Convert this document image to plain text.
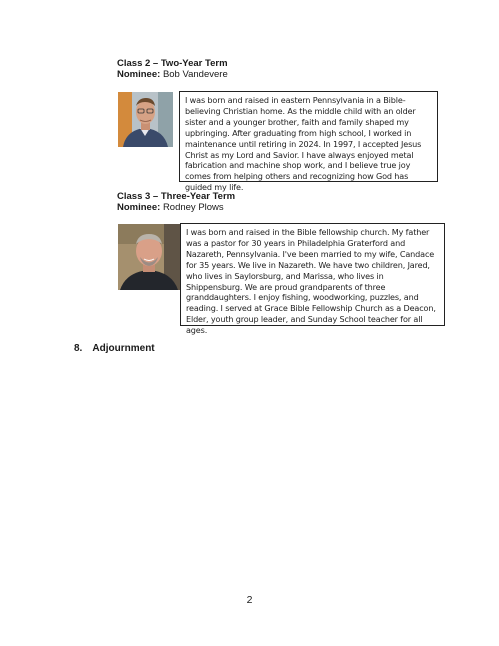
Class 2 – Two-Year Term
Nominee: Bob Vandevere
I was born and raised in eastern Pennsylvania in a Bible-believing Christian home. As the middle child with an older sister and a younger brother, faith and family shaped my upbringing. After graduating from high school, I worked in maintenance until retiring in 2024. In 1997, I accepted Jesus Christ as my Lord and Savior. I have always enjoyed metal fabrication and machine shop work, and I believe true joy comes from helping others and recognizing how God has guided my life.
Class 3 – Three-Year Term
Nominee: Rodney Plows
I was born and raised in the Bible fellowship church. My father was a pastor for 30 years in Philadelphia Graterford and Nazareth, Pennsylvania. I've been married to my wife, Candace for 35 years. We live in Nazareth. We have two children, Jared, who lives in Saylorsburg, and Marissa, who lives in Shippensburg. We are proud grandparents of three granddaughters. I enjoy fishing, woodworking, puzzles, and reading. I served at Grace Bible Fellowship Church as a Deacon, Elder, youth group leader, and Sunday School teacher for all ages.
8. Adjournment
2
